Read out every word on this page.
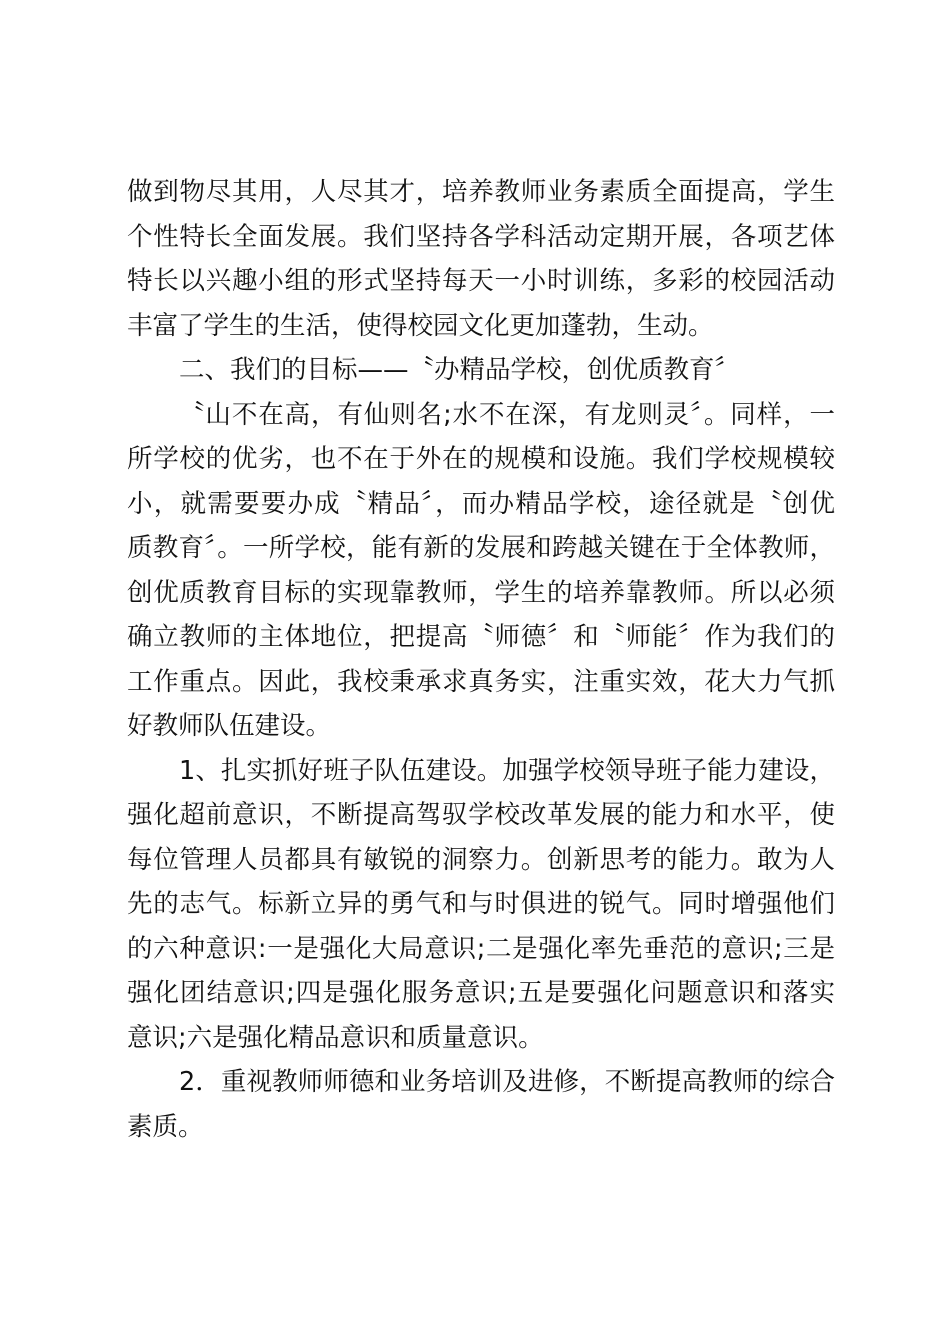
做到物尽其用，人尽其才，培养教师业务素质全面提高，学生
个性特长全面发展。我们坚持各学科活动定期开展，各项艺体
特长以兴趣小组的形式坚持每天一小时训练，多彩的校园活动
丰富了学生的生活，使得校园文化更加蓬勃，生动。

二、我们的目标——〝办精品学校，创优质教育〞

〝山不在高，有仙则名;水不在深，有龙则灵〞。同样，一
所学校的优劣，也不在于外在的规模和设施。我们学校规模较
小，就需要要办成〝精品〞，而办精品学校，途径就是〝创优
质教育〞。一所学校，能有新的发展和跨越关键在于全体教师，
创优质教育目标的实现靠教师，学生的培养靠教师。所以必须
确立教师的主体地位，把提高〝师德〞和〝师能〞作为我们的
工作重点。因此，我校秉承求真务实，注重实效，花大力气抓
好教师队伍建设。

1、扎实抓好班子队伍建设。加强学校领导班子能力建设，
强化超前意识，不断提高驾驭学校改革发展的能力和水平，使
每位管理人员都具有敏锐的洞察力。创新思考的能力。敢为人
先的志气。标新立异的勇气和与时俱进的锐气。同时增强他们
的六种意识:一是强化大局意识;二是强化率先垂范的意识;三是
强化团结意识;四是强化服务意识;五是要强化问题意识和落实
意识;六是强化精品意识和质量意识。

2．重视教师师德和业务培训及进修，不断提高教师的综合
素质。
